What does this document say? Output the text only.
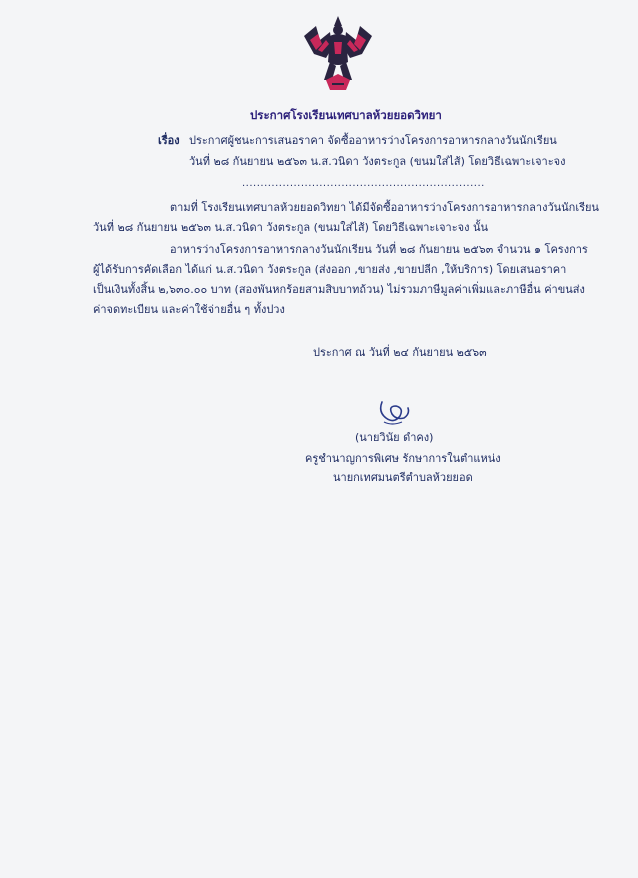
ประกาศโรงเรียนเทศบาลห้วยยอดวิทยา
เรื่อง ประกาศผู้ชนะการเสนอราคา จัดซื้ออาหารว่างโครงการอาหารกลางวันนักเรียน
วันที่ ๒๘ กันยายน ๒๕๖๓ น.ส.วนิดา วังตระกูล (ขนมใส่ไส้) โดยวิธีเฉพาะเจาะจง
..................................................................
ตามที่ โรงเรียนเทศบาลห้วยยอดวิทยา ได้มีจัดซื้ออาหารว่างโครงการอาหารกลางวันนักเรียน
วันที่ ๒๘ กันยายน ๒๕๖๓ น.ส.วนิดา วังตระกูล (ขนมใส่ไส้) โดยวิธีเฉพาะเจาะจง นั้น
อาหารว่างโครงการอาหารกลางวันนักเรียน วันที่ ๒๘ กันยายน ๒๕๖๓ จำนวน ๑ โครงการ
ผู้ได้รับการคัดเลือก ได้แก่ น.ส.วนิดา วังตระกูล (ส่งออก ,ขายส่ง ,ขายปลีก ,ให้บริการ) โดยเสนอราคา
เป็นเงินทั้งสิ้น ๒,๖๓๐.๐๐ บาท (สองพันหกร้อยสามสิบบาทถ้วน) ไม่รวมภาษีมูลค่าเพิ่มและภาษีอื่น ค่าขนส่ง
ค่าจดทะเบียน และค่าใช้จ่ายอื่น ๆ ทั้งปวง
ประกาศ ณ วันที่ ๒๔ กันยายน ๒๕๖๓
(นายวินัย ดำคง)
ครูชำนาญการพิเศษ รักษาการในตำแหน่ง
นายกเทศมนตรีตำบลห้วยยอด
